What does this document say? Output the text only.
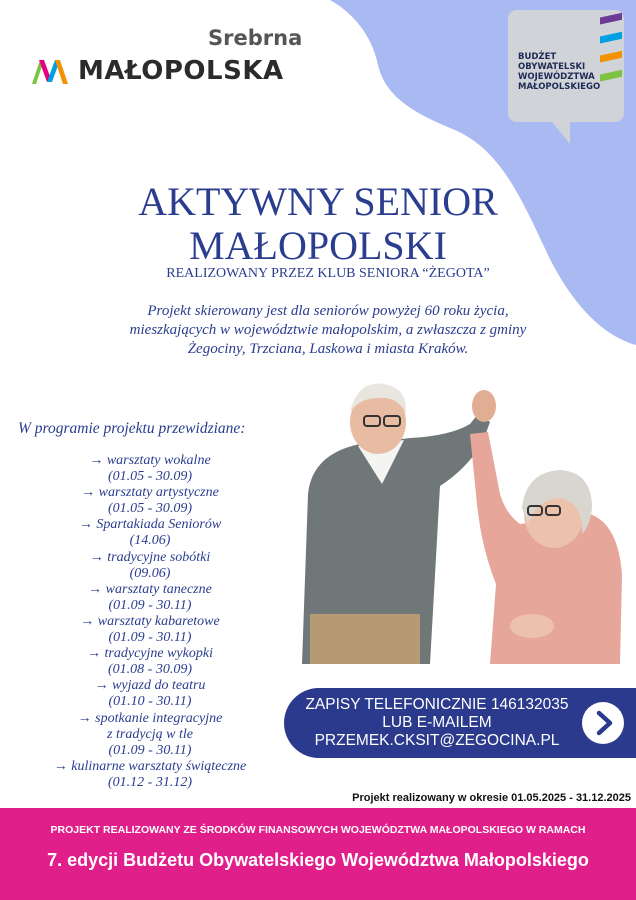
Srebrna
MAŁOPOLSKA	BUDŻET
OBYWATELSKI
WOJEWÓDZTWA
MAŁOPOLSKIEGO
AKTYWNY SENIOR
MAŁOPOLSKI
REALIZOWANY PRZEZ KLUB SENIORA “ŻEGOTA”
Projekt skierowany jest dla seniorów powyżej 60 roku życia,
mieszkających w województwie małopolskim, a zwłaszcza z gminy
Żegociny, Trzciana, Laskowa i miasta Kraków.
W programie projektu przewidziane:
→ warsztaty wokalne
(01.05 - 30.09)
→ warsztaty artystyczne
(01.05 - 30.09)
→ Spartakiada Seniorów
(14.06)
→ tradycyjne sobótki
(09.06)
→ warsztaty taneczne
(01.09 - 30.11)
→ warsztaty kabaretowe
(01.09 - 30.11)
→ tradycyjne wykopki
(01.08 - 30.09)
→ wyjazd do teatru
(01.10 - 30.11)
→ spotkanie integracyjne
z tradycją w tle
(01.09 - 30.11)
→ kulinarne warsztaty świąteczne
(01.12 - 31.12)
ZAPISY TELEFONICZNIE 146132035
LUB E-MAILEM
PRZEMEK.CKSIT@ZEGOCINA.PL
Projekt realizowany w okresie 01.05.2025 - 31.12.2025
PROJEKT REALIZOWANY ZE ŚRODKÓW FINANSOWYCH WOJEWÓDZTWA MAŁOPOLSKIEGO W RAMACH
7. edycji Budżetu Obywatelskiego Województwa Małopolskiego
